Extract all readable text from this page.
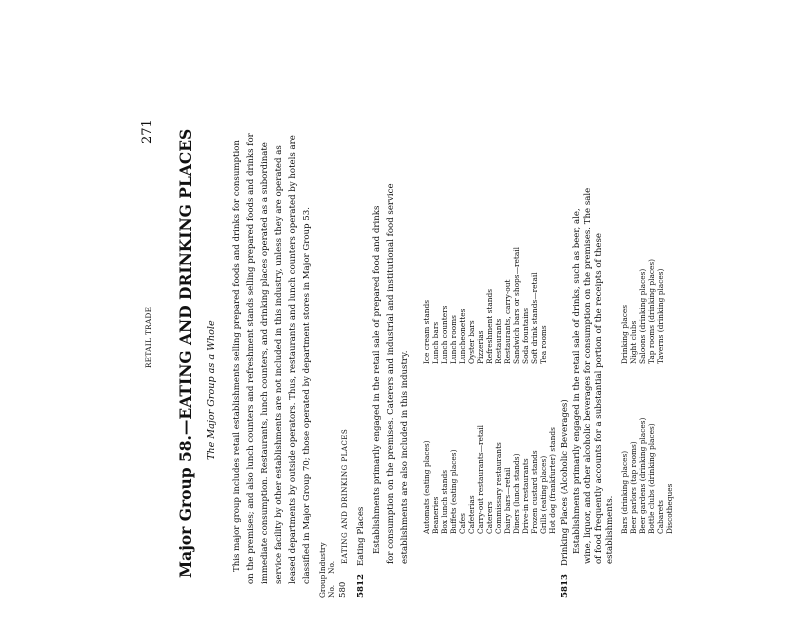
RETAIL TRADE
271 Major Group 58.—EATING AND DRINKING PLACES The Major Group as a Whole This major group includes retail establishments selling prepared foods and drinks for consumption on the premises; and also lunch counters and refreshment stands selling prepared foods and drinks for immediate consumption. Restaurants, lunch counters, and drinking places operated as a subordinate service facility by other establishments are not included in this industry, unless they are operated as leased departments by outside operators. Thus, restaurants and lunch counters operated by hotels are classified in Major Group 70; those operated by department stores in Major Group 53.
Group
No.
Industry
No.
580
EATING AND DRINKING PLACES
5812
Eating Places Establishments primarily engaged in the retail sale of prepared food and drinks for consumption on the premises. Caterers and industrial and institutional food service establishments are also included in this industry. Automats (eating places) Beaneries Box lunch stands Buffets (eating places) Cafes Cafeterias Carry-out restaurants—retail Caterers Commissary restaurants Dairy bars—retail Diners (lunch stands) Drive-in restaurants Frozen custard stands Grills (eating places) Hot dog (frankfurter) stands
Ice cream stands Lunch bars Lunch counters Lunch rooms Luncheonettes Oyster bars Pizzerias Refreshment stands Restaurants Restaurants, carry-out Sandwich bars or shops—retail Soda fountains Soft drink stands—retail Tea rooms
5813
Drinking Places (Alcoholic Beverages) Establishments primarily engaged in the retail sale of drinks, such as beer, ale, wine, liquor, and other alcoholic beverages for consumption on the premises. The sale of food frequently accounts for a substantial portion of the receipts of these establishments. Bars (drinking places) Beer parlors (tap rooms) Beer gardens (drinking places) Bottle clubs (drinking places) Cabarets Discotheques
Drinking places Night clubs Saloons (drinking places) Tap rooms (drinking places) Taverns (drinking places)
